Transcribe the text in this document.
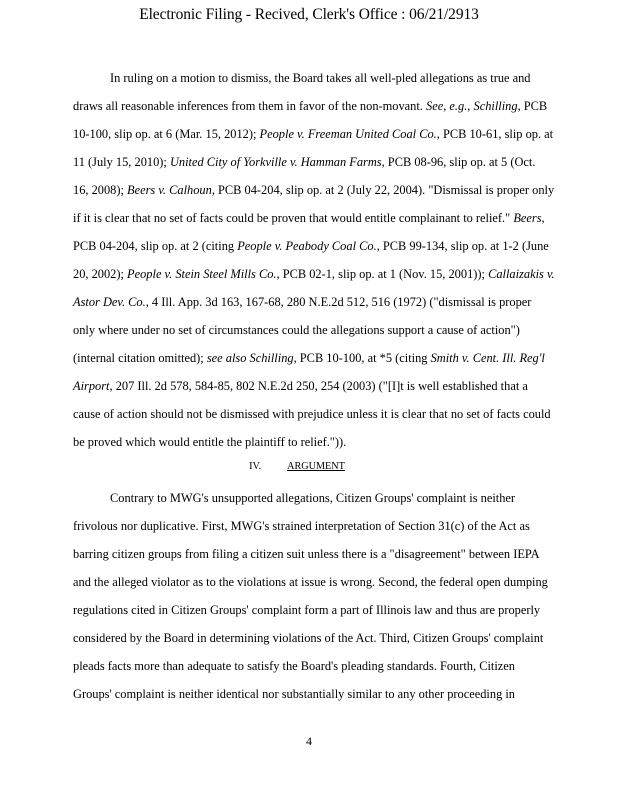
Electronic Filing - Recived, Clerk's Office : 06/21/2913
In ruling on a motion to dismiss, the Board takes all well-pled allegations as true and
draws all reasonable inferences from them in favor of the non-movant. See, e.g., Schilling, PCB
10-100, slip op. at 6 (Mar. 15, 2012); People v. Freeman United Coal Co., PCB 10-61, slip op. at
11 (July 15, 2010); United City of Yorkville v. Hamman Farms, PCB 08-96, slip op. at 5 (Oct.
16, 2008); Beers v. Calhoun, PCB 04-204, slip op. at 2 (July 22, 2004). "Dismissal is proper only
if it is clear that no set of facts could be proven that would entitle complainant to relief." Beers,
PCB 04-204, slip op. at 2 (citing People v. Peabody Coal Co., PCB 99-134, slip op. at 1-2 (June
20, 2002); People v. Stein Steel Mills Co., PCB 02-1, slip op. at 1 (Nov. 15, 2001)); Callaizakis v.
Astor Dev. Co., 4 Ill. App. 3d 163, 167-68, 280 N.E.2d 512, 516 (1972) ("dismissal is proper
only where under no set of circumstances could the allegations support a cause of action")
(internal citation omitted); see also Schilling, PCB 10-100, at *5 (citing Smith v. Cent. Ill. Reg'l
Airport, 207 Ill. 2d 578, 584-85, 802 N.E.2d 250, 254 (2003) ("[I]t is well established that a
cause of action should not be dismissed with prejudice unless it is clear that no set of facts could
be proved which would entitle the plaintiff to relief.")).
IV.	ARGUMENT
Contrary to MWG's unsupported allegations, Citizen Groups' complaint is neither
frivolous nor duplicative. First, MWG's strained interpretation of Section 31(c) of the Act as
barring citizen groups from filing a citizen suit unless there is a "disagreement" between IEPA
and the alleged violator as to the violations at issue is wrong. Second, the federal open dumping
regulations cited in Citizen Groups' complaint form a part of Illinois law and thus are properly
considered by the Board in determining violations of the Act. Third, Citizen Groups' complaint
pleads facts more than adequate to satisfy the Board's pleading standards. Fourth, Citizen
Groups' complaint is neither identical nor substantially similar to any other proceeding in
4
